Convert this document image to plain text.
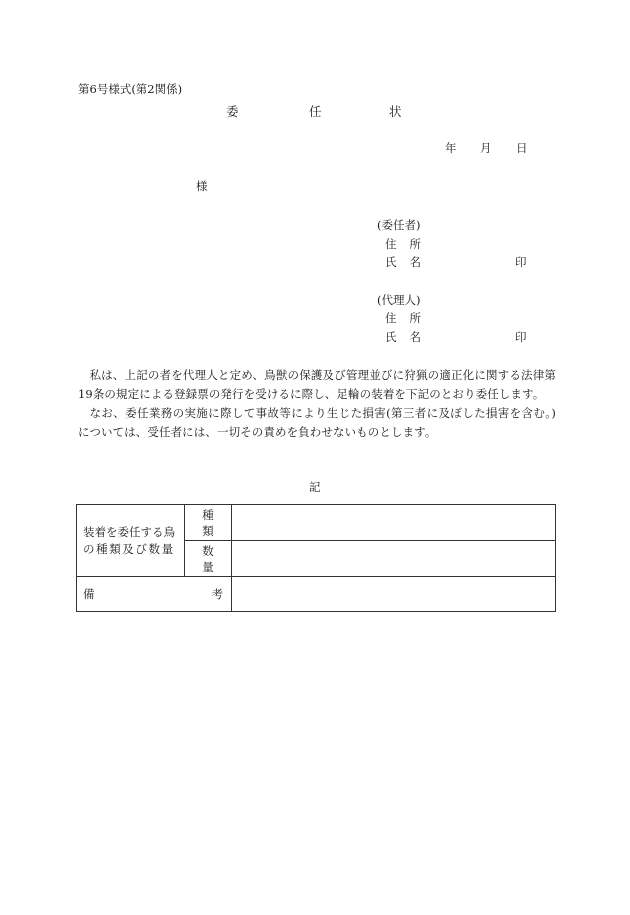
第6号様式(第2関係)
委	任	状
年 月 日
様
(委任者)
住 所
氏 名	印
(代理人)
住 所
氏 名	印

私は、上記の者を代理人と定め、鳥獣の保護及び管理並びに狩猟の適正化に関する法律第19条の規定による登録票の発行を受けるに際し、足輪の装着を下記のとおり委任します。

なお、委任業務の実施に際して事故等により生じた損害(第三者に及ぼした損害を含む。)については、受任者には、一切その責めを負わせないものとします。

記
装着を委任する鳥
の種類及び数量	種 類	
	数 量	

備 考		
